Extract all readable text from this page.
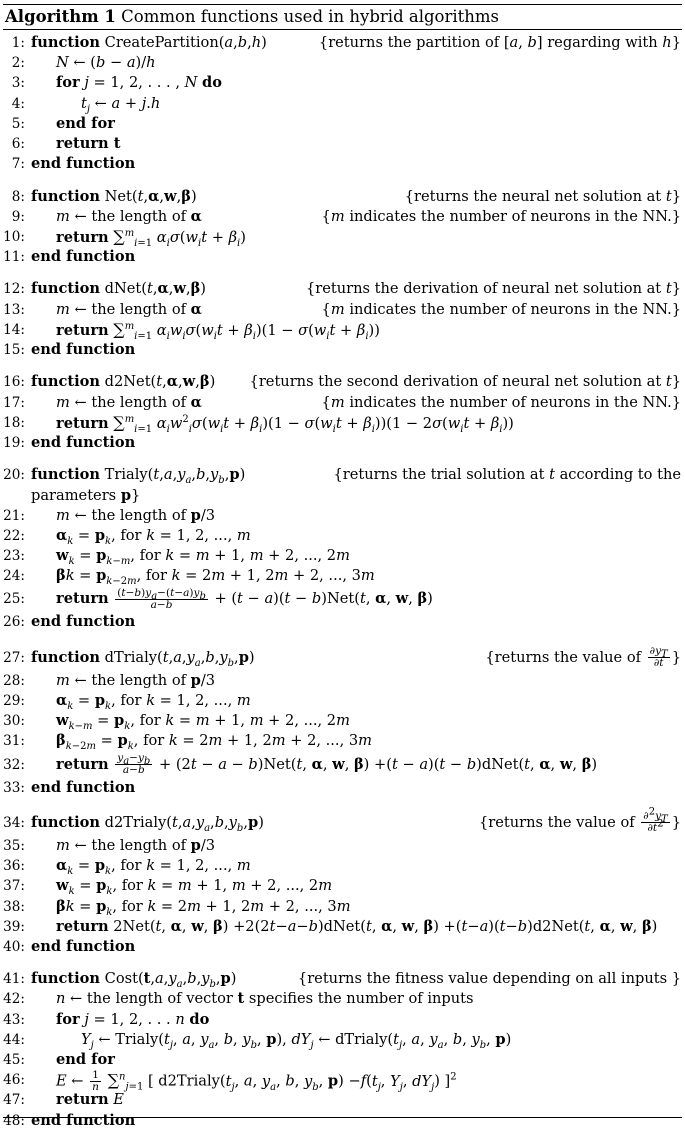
Algorithm 1 Common functions used in hybrid algorithms
1: function CreatePartition(a,b,h)	{returns the partition of [a, b] regarding with h}
2:	N ← (b − a)/h
3:	for j = 1, 2, . . . , N do
4:	$t_j$ ← a + j.h
5:	end for
6:	return t
7: end function
8: function Net(t,α,w,β)	{returns the neural net solution at t}
9:	m ← the length of α	{m indicates the number of neurons in the NN.}
10:	return ∑$^m_{i=1}$ $\alpha_i\sigma(w_it + \beta_i)$
11: end function
12: function dNet(t,α,w,β)	{returns the derivation of neural net solution at t}
13:	m ← the length of α	{m indicates the number of neurons in the NN.}
14:	return ∑$^m_{i=1}$ $\alpha_iw_i\sigma(w_it + \beta_i)(1 - \sigma(w_it + \beta_i))$
15: end function
16: function d2Net(t,α,w,β)	{returns the second derivation of neural net solution at t}
17:	m ← the length of α	{m indicates the number of neurons in the NN.}
18:	return ∑$^m_{i=1}$ $\alpha_iw^2_i\sigma(w_it + \beta_i)(1 - \sigma(w_it + \beta_i))(1 - 2\sigma(w_it + \beta_i))$
19: end function
20: function $Trialy(t,a,y_a,b,y_b,p)$	{returns the trial solution at t according to the
parameters p}
21:	m ← the length of p/3
22:	$\alpha_k = p_k$, for k = 1, 2, ..., m
23:	$w_k = p_{k-m}$, for k = m + 1, m + 2, ..., 2m
24:	$\beta k = p_{k-2m}$, for k = 2m + 1, 2m + 2, ..., 3m
25:	return $\frac{(t-b)y_a-(t-a)y_b}{a-b} + (t - a)(t - b)Net(t$, α, w, β)
26: end function
27: function $dTrialy(t,a,y_a,b,y_b,p)$	{returns the value of $\frac{\partial y_T}{\partial t}$ }
28:	m ← the length of p/3
29:	$\alpha_k = p_k$, for k = 1, 2, ..., m
30:	$w_{k-m} = p_k$, for k = m + 1, m + 2, ..., 2m
31:	$\beta_{k-2m} = p_k$, for k = 2m + 1, 2m + 2, ..., 3m
32:	return $\frac{y_a-y_b}{a-b} + (2t - a - b)Net(t$, α, w, β) +(t − a)(t − b)dNet(t, α, w, β)
33: end function
34: function $d2Trialy(t,a,y_a,b,y_b,p)$	{returns the value of $\frac{\partial^2y_T}{\partial t^2}$ }
35:	m ← the length of p/3
36:	$\alpha_k = p_k$, for k = 1, 2, ..., m
37:	$w_k = p_k$, for k = m + 1, m + 2, ..., 2m
38:	$\beta k = p_k$, for k = 2m + 1, 2m + 2, ..., 3m
39:	return 2Net(t, α, w, β) +2(2t−a−b)dNet(t, α, w, β) +(t−a)(t−b)d2Net(t, α, w, β)
40: end function
41: function $Cost(t,a,y_a,b,y_b,p)$	{returns the fitness value depending on all inputs }
42:	n ← the length of vector t specifies the number of inputs
43:	for j = 1, 2, . . . n do
44:	$Y_j$ ← $Trialy(t_j$, a, $y_a$, b, $y_b$, p), $dY_j$ ← $dTrialy(t_j$, a, $y_a$, b, $y_b$, p)
45:	end for
46:	E ← $\frac{1}{n} \sum^n_{j=1}$ [ $d2Trialy(t_j$, a, $y_a$, b, $y_b$, $p) -f(t_j$, $Y_j$, $dY_j$) ]$^2$
47:	return E
48: end function
